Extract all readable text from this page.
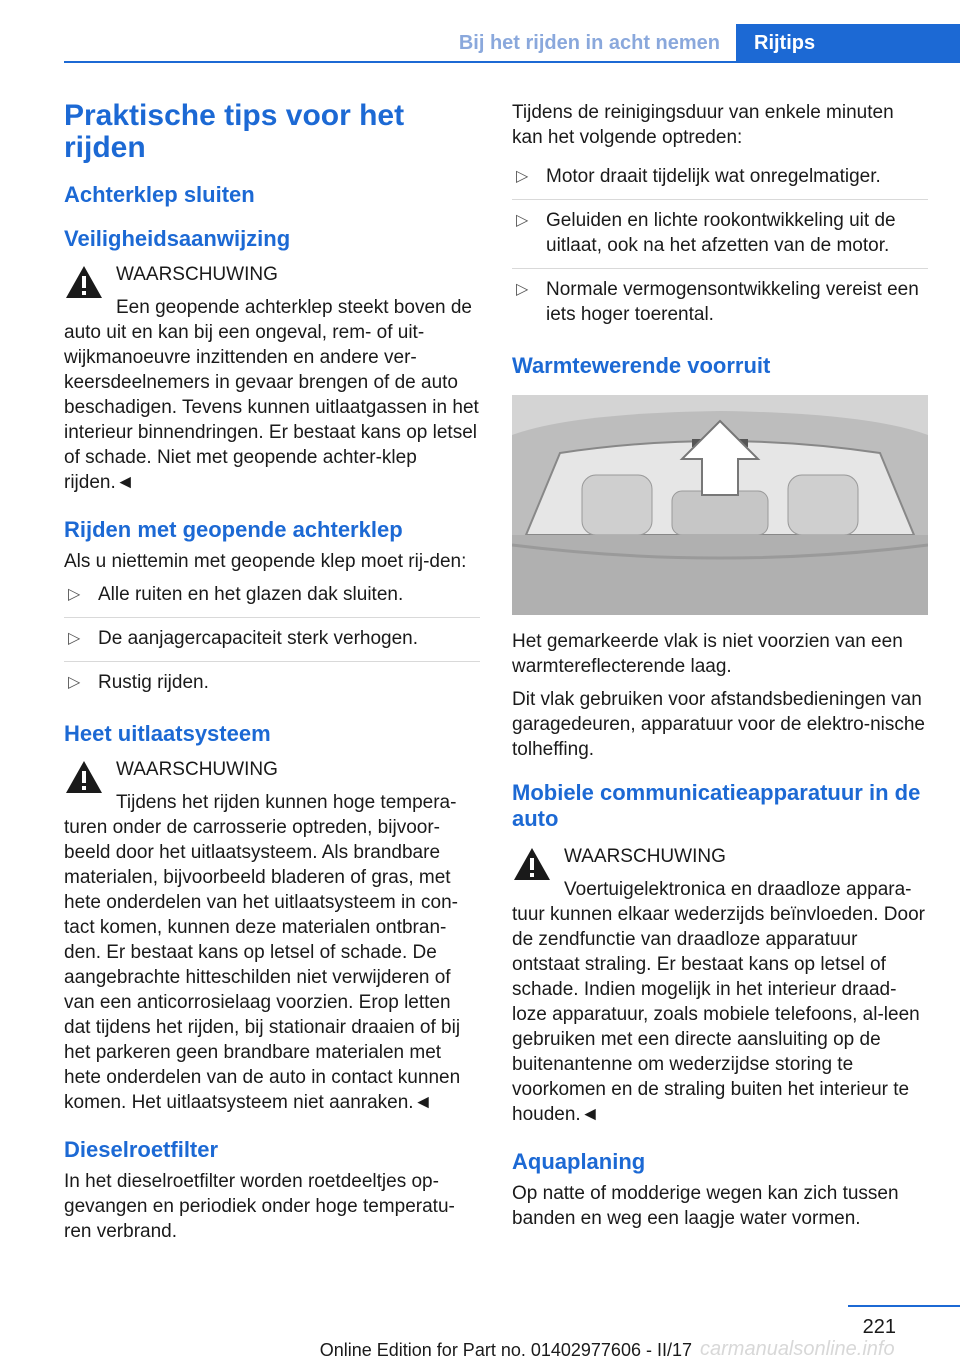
Bij het rijden in acht nemen	Rijtips
Praktische tips voor het rijden
Achterklep sluiten
Veiligheidsaanwijzing
WAARSCHUWING
Een geopende achterklep steekt boven de auto uit en kan bij een ongeval, rem- of uit-wijkmanoeuvre inzittenden en andere ver-keersdeelnemers in gevaar brengen of de auto beschadigen. Tevens kunnen uitlaatgassen in het interieur binnendringen. Er bestaat kans op letsel of schade. Niet met geopende achter-klep rijden.◄
Rijden met geopende achterklep
Als u niettemin met geopende klep moet rij-den:
▷ Alle ruiten en het glazen dak sluiten.
▷ De aanjagercapaciteit sterk verhogen.
▷ Rustig rijden.
Heet uitlaatsysteem
WAARSCHUWING
Tijdens het rijden kunnen hoge tempera-turen onder de carrosserie optreden, bijvoor-beeld door het uitlaatsysteem. Als brandbare materialen, bijvoorbeeld bladeren of gras, met hete onderdelen van het uitlaatsysteem in con-tact komen, kunnen deze materialen ontbran-den. Er bestaat kans op letsel of schade. De aangebrachte hitteschilden niet verwijderen of van een anticorrosielaag voorzien. Erop letten dat tijdens het rijden, bij stationair draaien of bij het parkeren geen brandbare materialen met hete onderdelen van de auto in contact kunnen komen. Het uitlaatsysteem niet aanraken.◄
Dieselroetfilter
In het dieselroetfilter worden roetdeeltjes op-gevangen en periodiek onder hoge temperatu-ren verbrand.
Tijdens de reinigingsduur van enkele minuten kan het volgende optreden:
▷ Motor draait tijdelijk wat onregelmatiger.
▷ Geluiden en lichte rookontwikkeling uit de uitlaat, ook na het afzetten van de motor.
▷ Normale vermogensontwikkeling vereist een iets hoger toerental.
Warmtewerende voorruit
Het gemarkeerde vlak is niet voorzien van een warmtereflecterende laag.
Dit vlak gebruiken voor afstandsbedieningen van garagedeuren, apparatuur voor de elektro-nische tolheffing.
Mobiele communicatieapparatuur in de auto
WAARSCHUWING
Voertuigelektronica en draadloze appara-tuur kunnen elkaar wederzijds beïnvloeden. Door de zendfunctie van draadloze apparatuur ontstaat straling. Er bestaat kans op letsel of schade. Indien mogelijk in het interieur draad-loze apparatuur, zoals mobiele telefoons, al-leen gebruiken met een directe aansluiting op de buitenantenne om wederzijdse storing te voorkomen en de straling buiten het interieur te houden.◄
Aquaplaning
Op natte of modderige wegen kan zich tussen banden en weg een laagje water vormen.
221
carmanualsonline.info
Online Edition for Part no. 01402977606 - II/17
